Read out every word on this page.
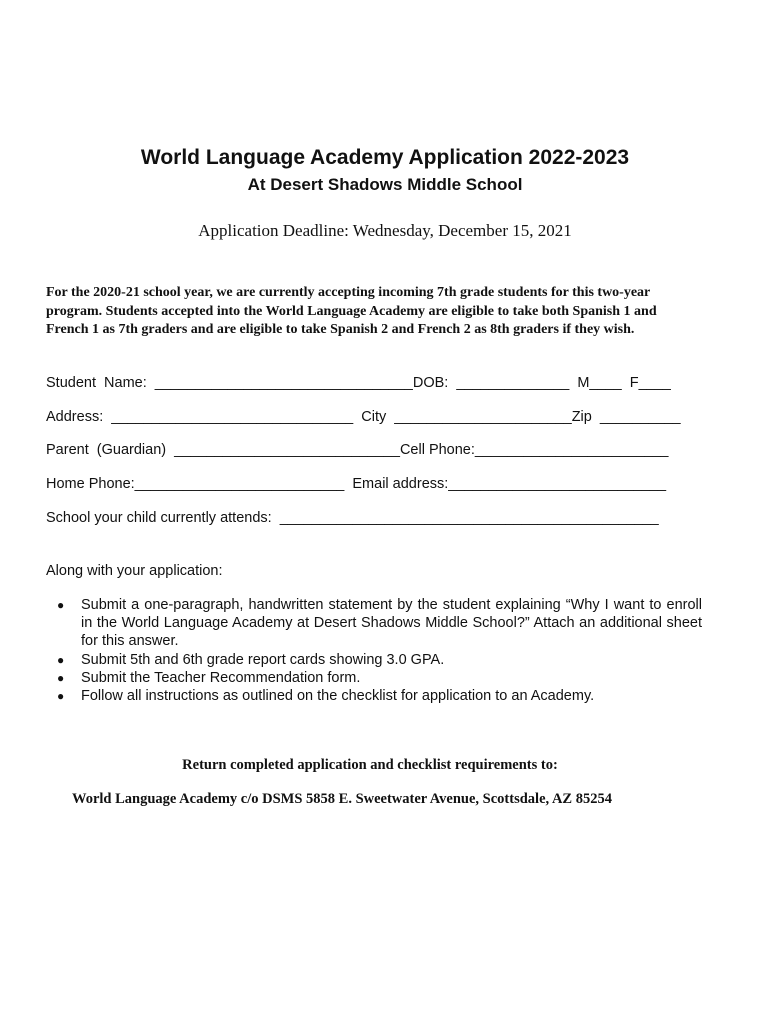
World Language Academy Application 2022-2023
At Desert Shadows Middle School
Application Deadline: Wednesday, December 15, 2021
For the 2020-21 school year, we are currently accepting incoming 7th grade students for this two-year
program. Students accepted into the World Language Academy are eligible to take both Spanish 1 and
French 1 as 7th graders and are eligible to take Spanish 2 and French 2 as 8th graders if they wish.
Student  Name:  ________________________________DOB:  ______________  M____  F____
Address:  ______________________________  City  ______________________Zip  __________
Parent  (Guardian)  ____________________________Cell Phone:________________________
Home Phone:__________________________  Email address:___________________________
School your child currently attends:  _______________________________________________
Along with your application:
● Submit a one-paragraph, handwritten statement by the student explaining “Why I want to enroll in the World Language Academy at Desert Shadows Middle School?” Attach an additional sheet for this answer.
● Submit 5th and 6th grade report cards showing 3.0 GPA.
● Submit the Teacher Recommendation form.
● Follow all instructions as outlined on the checklist for application to an Academy.
Return completed application and checklist requirements to:
World Language Academy c/o DSMS 5858 E. Sweetwater Avenue, Scottsdale, AZ 85254
